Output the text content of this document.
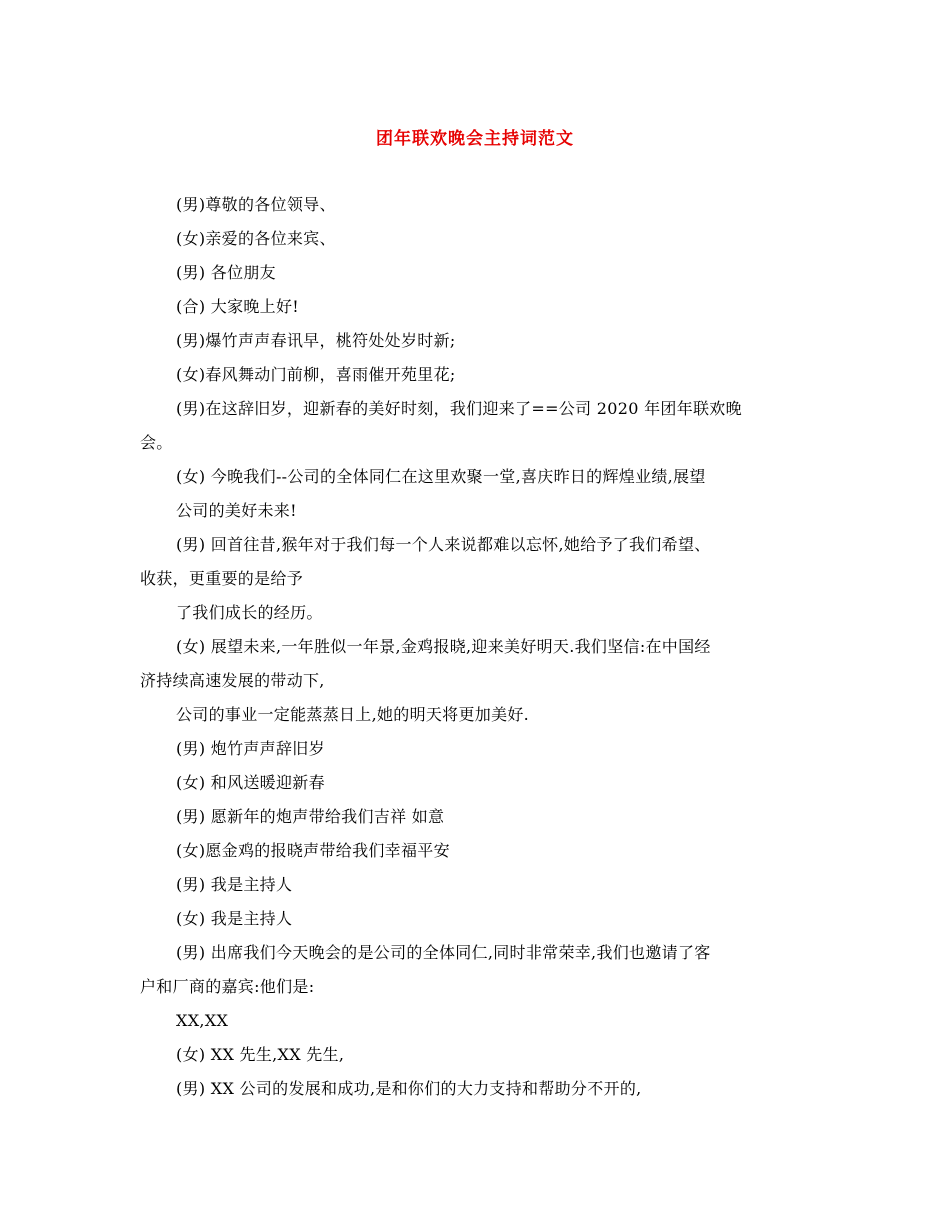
团年联欢晚会主持词范文
(男)尊敬的各位领导、
(女)亲爱的各位来宾、
(男) 各位朋友
(合) 大家晚上好!
(男)爆竹声声春讯早，桃符处处岁时新;
(女)春风舞动门前柳，喜雨催开苑里花;
(男)在这辞旧岁，迎新春的美好时刻，我们迎来了==公司 2020 年团年联欢晚
会。
(女) 今晚我们--公司的全体同仁在这里欢聚一堂,喜庆昨日的辉煌业绩,展望
公司的美好未来!
(男) 回首往昔,猴年对于我们每一个人来说都难以忘怀,她给予了我们希望、
收获，更重要的是给予
了我们成长的经历。
(女) 展望未来,一年胜似一年景,金鸡报晓,迎来美好明天.我们坚信:在中国经
济持续高速发展的带动下,
公司的事业一定能蒸蒸日上,她的明天将更加美好.
(男) 炮竹声声辞旧岁
(女) 和风送暖迎新春
(男) 愿新年的炮声带给我们吉祥 如意
(女)愿金鸡的报晓声带给我们幸福平安
(男) 我是主持人
(女) 我是主持人
(男) 出席我们今天晚会的是公司的全体同仁,同时非常荣幸,我们也邀请了客
户和厂商的嘉宾:他们是:
XX,XX
(女) XX 先生,XX 先生,
(男) XX 公司的发展和成功,是和你们的大力支持和帮助分不开的,
